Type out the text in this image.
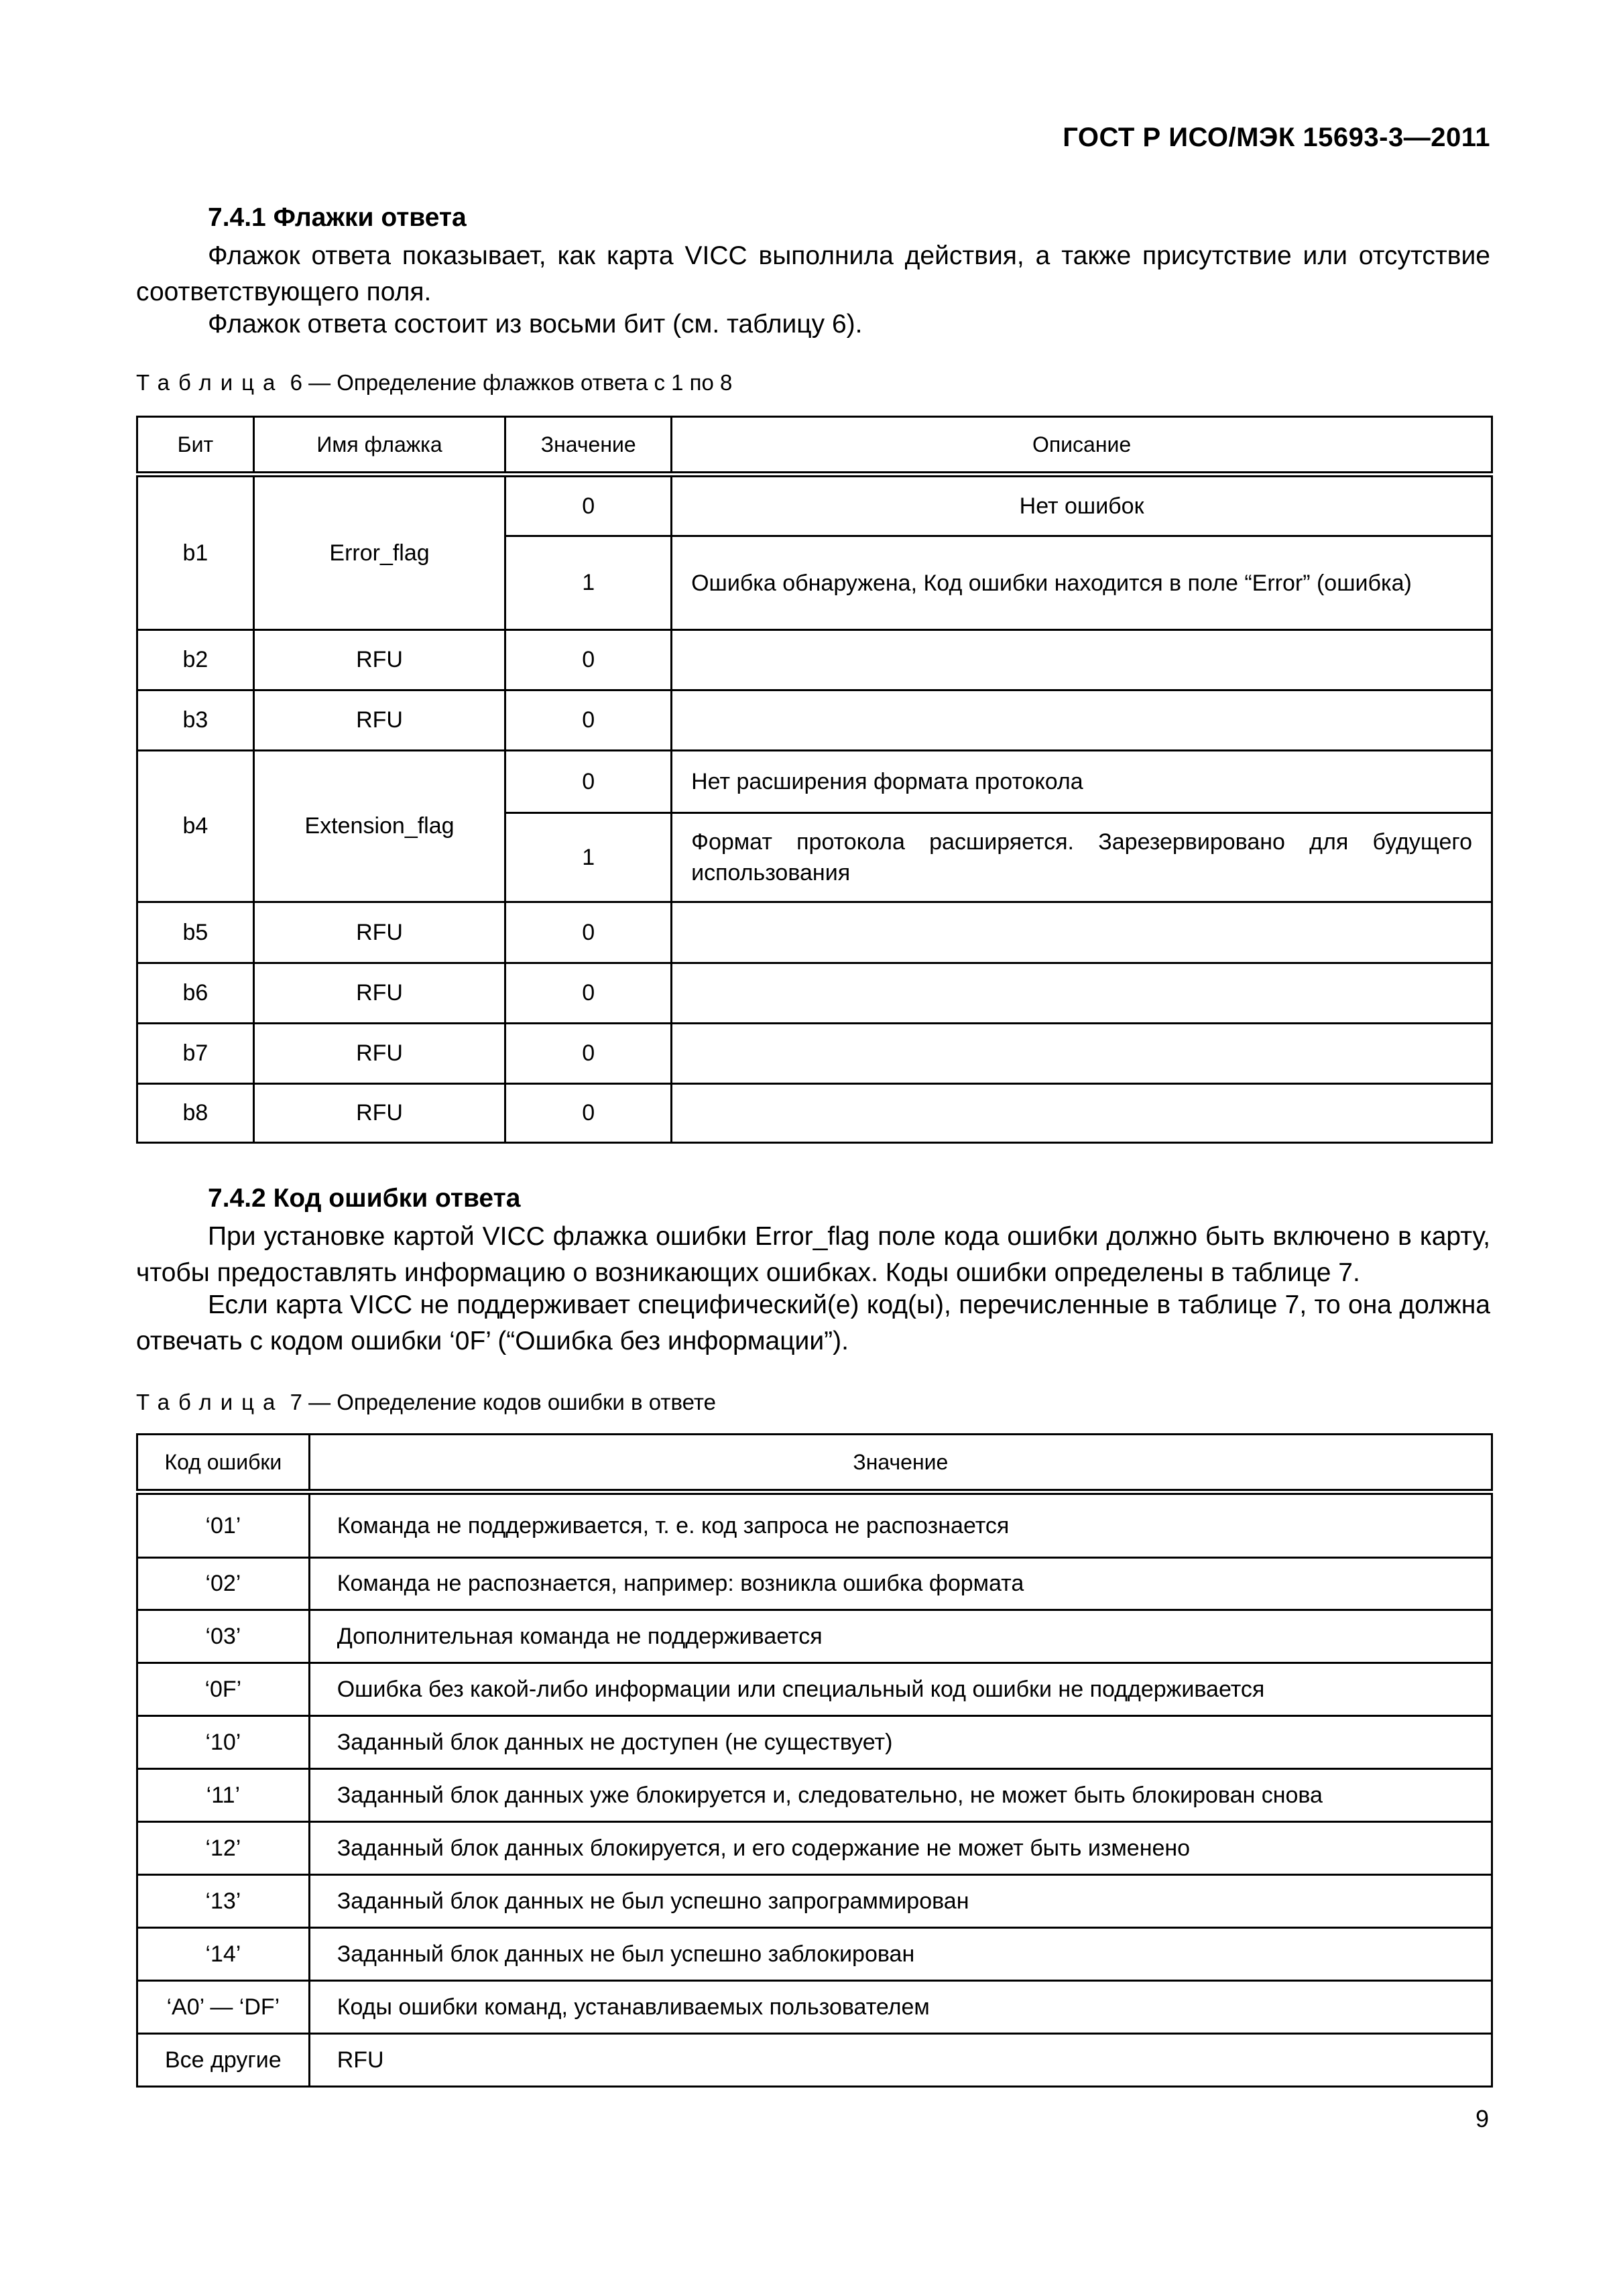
ГОСТ Р ИСО/МЭК 15693-3—2011
7.4.1 Флажки ответа
Флажок ответа показывает, как карта VICC выполнила действия, а также присутствие или отсутствие соответствующего поля.
Флажок ответа состоит из восьми бит (см. таблицу 6).
Таблица 6 — Определение флажков ответа с 1 по 8
Бит	Имя флажка	Значение	Описание
b1	Error_flag	0	Нет ошибок
		1	Ошибка обнаружена, Код ошибки находится в поле “Error” (ошибка)
b2	RFU	0	
b3	RFU	0	
b4	Extension_flag	0	Нет расширения формата протокола
		1	Формат протокола расширяется. Зарезервировано для будущего использования
b5	RFU	0	
b6	RFU	0	
b7	RFU	0	
b8	RFU	0	
7.4.2 Код ошибки ответа
При установке картой VICC флажка ошибки Error_flag поле кода ошибки должно быть включено в карту, чтобы предоставлять информацию о возникающих ошибках. Коды ошибки определены в таблице 7.
Если карта VICC не поддерживает специфический(е) код(ы), перечисленные в таблице 7, то она должна отвечать с кодом ошибки ‘0F’ (“Ошибка без информации”).
Таблица 7 — Определение кодов ошибки в ответе
Код ошибки	Значение
‘01’	Команда не поддерживается, т. е. код запроса не распознается
‘02’	Команда не распознается, например: возникла ошибка формата
‘03’	Дополнительная команда не поддерживается
‘0F’	Ошибка без какой-либо информации или специальный код ошибки не поддерживается
‘10’	Заданный блок данных не доступен (не существует)
‘11’	Заданный блок данных уже блокируется и, следовательно, не может быть блокирован снова
‘12’	Заданный блок данных блокируется, и его содержание не может быть изменено
‘13’	Заданный блок данных не был успешно запрограммирован
‘14’	Заданный блок данных не был успешно заблокирован
‘A0’ — ‘DF’	Коды ошибки команд, устанавливаемых пользователем
Все другие	RFU
9
